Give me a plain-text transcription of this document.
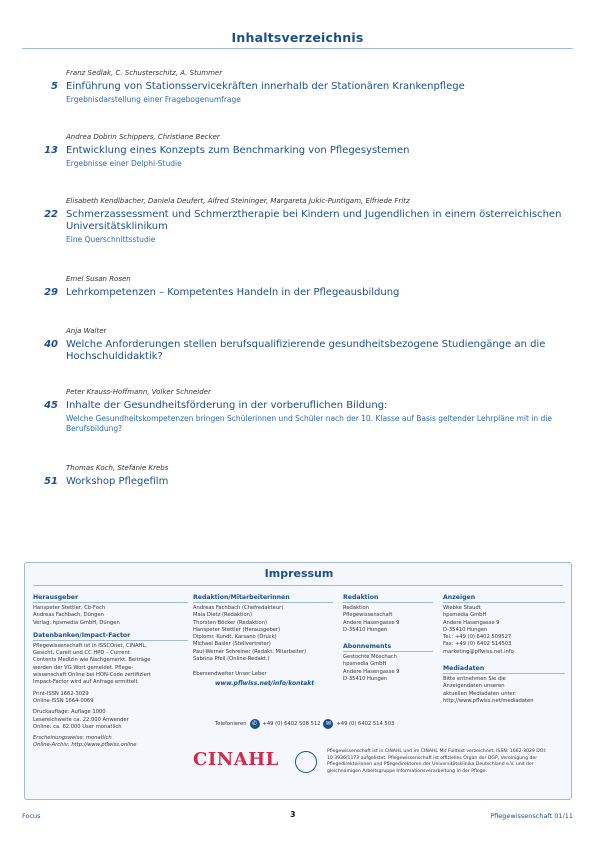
Inhaltsverzeichnis
Franz Sedlak, C. Schusterschitz, A. Stummer
5 Einführung von Stationsservicekräften innerhalb der Stationären Krankenpflege
Ergebnisdarstellung einer Fragebogenumfrage
Andrea Dobrin Schippers, Christiane Becker
13 Entwicklung eines Konzepts zum Benchmarking von Pflegesystemen
Ergebnisse einer Delphi-Studie
Elisabeth Kendlbacher, Daniela Deufert, Alfred Steininger, Margareta Jukic-Puntigam, Elfriede Fritz
22 Schmerzassessment und Schmerztherapie bei Kindern und Jugendlichen in einem österreichischen Universitätsklinikum
Eine Querschnittsstudie
Emel Susan Rosen
29 Lehrkompetenzen – Kompetentes Handeln in der Pflegeausbildung
Anja Walter
40 Welche Anforderungen stellen berufsqualifizierende gesundheitsbezogene Studiengänge an die Hochschuldidaktik?
Peter Krauss-Hoffmann, Volker Schneider
45 Inhalte der Gesundheitsförderung in der vorberuflichen Bildung:
Welche Gesundheitskompetenzen bringen Schülerinnen und Schüler nach der 10. Klasse auf Basis geltender Lehrpläne mit in die Berufsbildung?
Thomas Koch, Stefanie Krebs
51 Workshop Pflegefilm
Impressum
Herausgeber
Hanspeter Stettler, Cb-Foch
Andreas Fachbach, Düngen
Verlag: hpsmedia GmbH, Düngen
Datenbanken/Impact-Factor
Pflegewissenschaft ist in ISSCOnet, CINAHL,
Gesicht, Careit und CC HPD – Current
Contents Medizin wie Nachgemerkt. Beiträge
werden der VG Wort gemeldet. Pflege-
wissenschaft Online bei HON-Code zertifiziert
Impact-Factor wird auf Anfrage ermittelt
Print-ISSN 1662-3029
Online-ISSN 1664-0069
Druckauflage: Auflage 1000
Lesereichweite ca. 22.000 Anwender
Online: ca. 62.000 User monatlich
Erscheinungsweise: monatlich
Online-Archiv: http://www.pflwiss.online
Redaktion/Mitarbeiterinnen
Andreas Fachbach (Chefredakteur)
Maia Dietz (Redaktion)
Thorsten Böcker (Redaktion)
Hanspeter Stettler (Herausgeber)
Diplomr. Kundt, Karsano (Druck)
Michael Basler (Stellvertreter)
Paul-Werner Schreiner (Redakt. Mitarbeiter)
Sabrina Pfeil (Online-Redakt.)
Ebersendweiter Unser Leber
www.pflwiss.net/info/kontakt
Telefonieren ✆	+49 (0) 6402 508 512 ✉	+49 (0) 6402 514 503
Redaktion
Redaktion
Pflegewissenschaft
Andere Hasengasse 9
D-35410 Hungen
Abonnements
Gestochte Möschach
hpsmedia GmbH
Andere Hasengasse 9
D-35410 Hungen
Anzeigen
Wiebke Staudt
hpsmedia GmbH
Andere Hasengasse 9
D-35410 Hungen
Tel.: +49 (0) 6402 509527
Fax: +49 (0) 6402 514503
marketing@pflwiss.net.info
Mediadaten
Bitte entnehmen Sie die
Anzeigendaten unseren
aktuellen Mediadaten unter:
http://www.pflwiss.net/mediadaten
CINAHL	Pflegewissenschaft ist in CINAHL und im CINAHL Mit Fulltext verzeichnet. ISSN: 1662-3029 DOI: 10.3936/1173 aufgelistet. Pflegewissenschaft ist offizielles Organ der DGP, Vereinigung der Pflegedirektorinnen und Pflegedirektoren der Universitätsklinika Deutschland e.V. und der gleichnamigen Arbeitsgruppe Informationsverarbeitung in der Pflege.
Focus	3	Pflegewissenschaft 01/11
